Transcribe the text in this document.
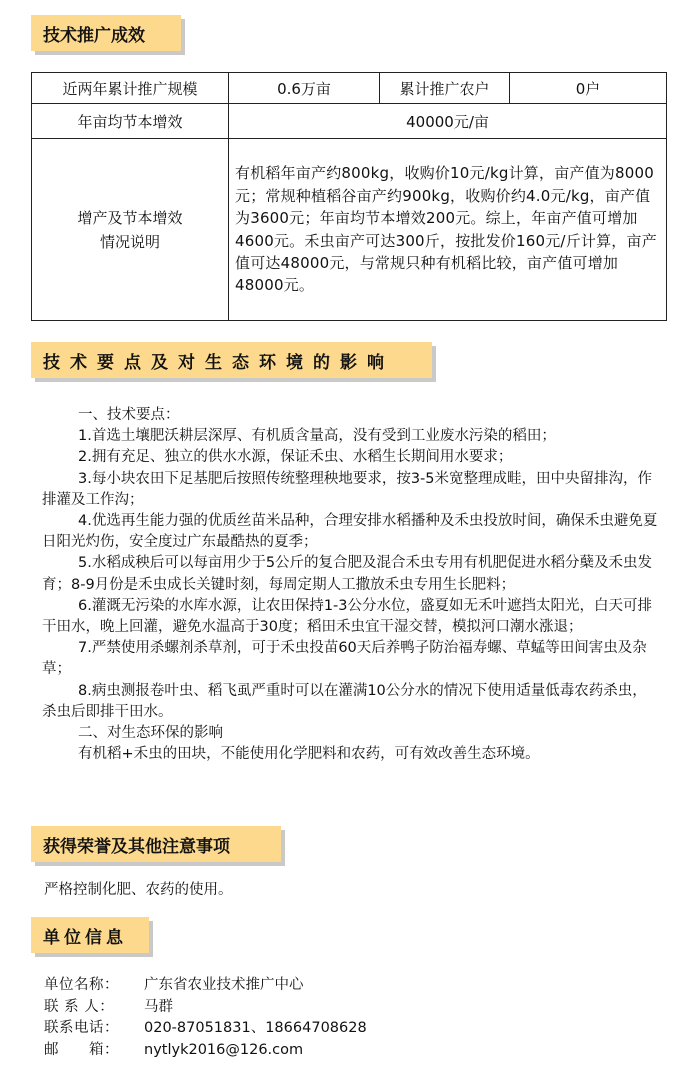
技术推广成效
近两年累计推广规模	0.6万亩	累计推广农户	0户
年亩均节本增效	40000元/亩		

增产及节本增效
情况说明	有机稻年亩产约800kg，收购价10元/kg计算，亩产值为8000元；常规种植稻谷亩产约900kg，收购价约4.0元/kg，亩产值为3600元；年亩均节本增效200元。综上，年亩产值可增加4600元。禾虫亩产可达300斤，按批发价160元/斤计算，亩产值可达48000元，与常规只种有机稻比较，亩产值可增加48000元。		
技术要点及对生态环境的影响

一、技术要点：

1.首选土壤肥沃耕层深厚、有机质含量高，没有受到工业废水污染的稻田；

2.拥有充足、独立的供水水源，保证禾虫、水稻生长期间用水要求；

3.每小块农田下足基肥后按照传统整理秧地要求，按3-5米宽整理成畦，田中央留排沟，作排灌及工作沟；

4.优选再生能力强的优质丝苗米品种，合理安排水稻播种及禾虫投放时间，确保禾虫避免夏日阳光灼伤，安全度过广东最酷热的夏季；

5.水稻成秧后可以每亩用少于5公斤的复合肥及混合禾虫专用有机肥促进水稻分蘖及禾虫发育；8-9月份是禾虫成长关键时刻，每周定期人工撒放禾虫专用生长肥料；

6.灌溉无污染的水库水源，让农田保持1-3公分水位，盛夏如无禾叶遮挡太阳光，白天可排干田水，晚上回灌，避免水温高于30度；稻田禾虫宜干湿交替，模拟河口潮水涨退；

7.严禁使用杀螺剂杀草剂，可于禾虫投苗60天后养鸭子防治福寿螺、草蜢等田间害虫及杂草；

8.病虫测报卷叶虫、稻飞虱严重时可以在灌满10公分水的情况下使用适量低毒农药杀虫，杀虫后即排干田水。

二、对生态环保的影响

有机稻+禾虫的田块，不能使用化学肥料和农药，可有效改善生态环境。

获得荣誉及其他注意事项
严格控制化肥、农药的使用。
单位信息
单位名称：	广东省农业技术推广中心
联 系 人：	马群
联系电话：	020-87051831、18664708628
邮　　箱：	nytlyk2016@126.com
